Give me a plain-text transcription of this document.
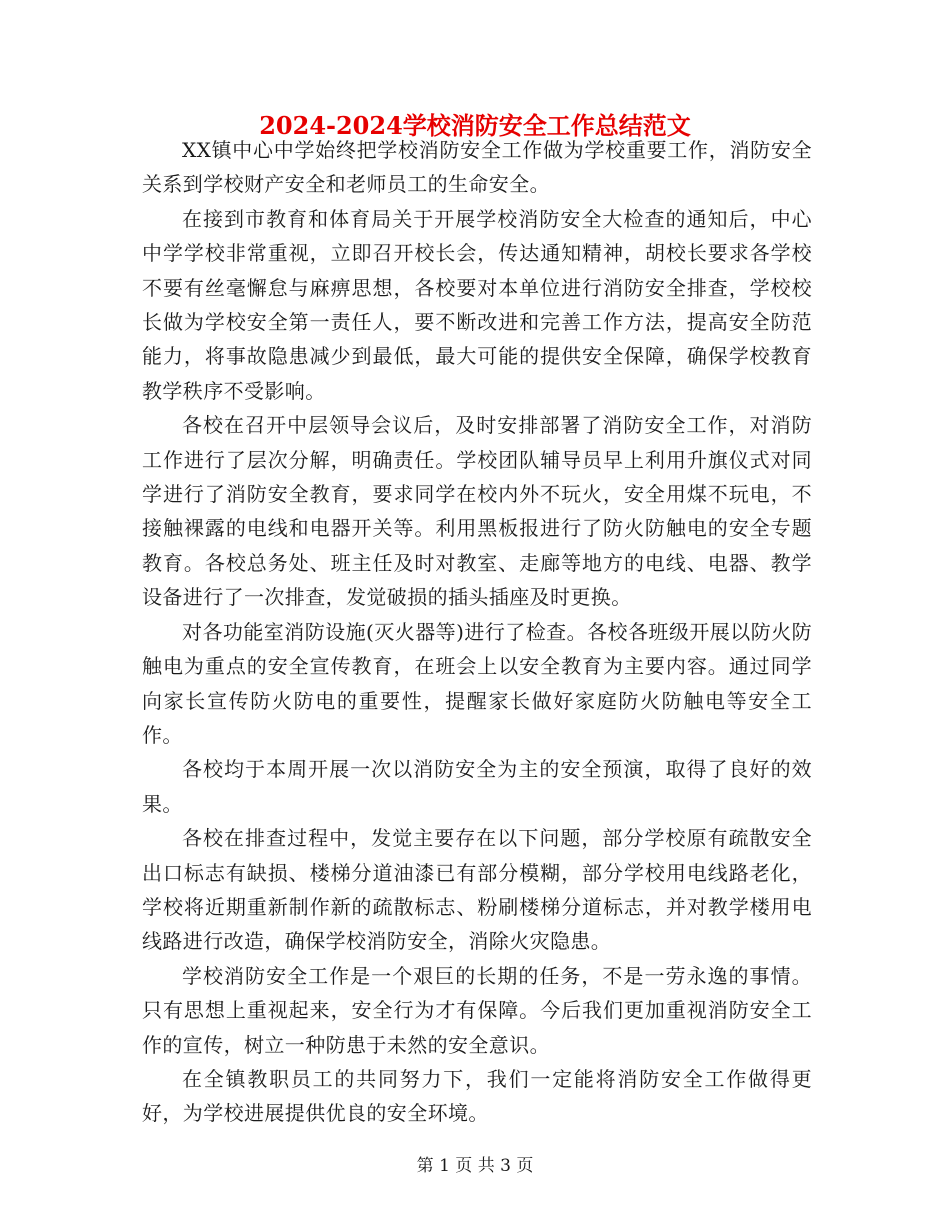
2024-2024学校消防安全工作总结范文

XX镇中心中学始终把学校消防安全工作做为学校重要工作，消防安全关系到学校财产安全和老师员工的生命安全。

在接到市教育和体育局关于开展学校消防安全大检查的通知后，中心中学学校非常重视，立即召开校长会，传达通知精神，胡校长要求各学校不要有丝毫懈怠与麻痹思想，各校要对本单位进行消防安全排查，学校校长做为学校安全第一责任人，要不断改进和完善工作方法，提高安全防范能力，将事故隐患减少到最低，最大可能的提供安全保障，确保学校教育教学秩序不受影响。

各校在召开中层领导会议后，及时安排部署了消防安全工作，对消防工作进行了层次分解，明确责任。学校团队辅导员早上利用升旗仪式对同学进行了消防安全教育，要求同学在校内外不玩火，安全用煤不玩电，不接触裸露的电线和电器开关等。利用黑板报进行了防火防触电的安全专题教育。各校总务处、班主任及时对教室、走廊等地方的电线、电器、教学设备进行了一次排查，发觉破损的插头插座及时更换。

对各功能室消防设施(灭火器等)进行了检查。各校各班级开展以防火防触电为重点的安全宣传教育，在班会上以安全教育为主要内容。通过同学向家长宣传防火防电的重要性，提醒家长做好家庭防火防触电等安全工作。

各校均于本周开展一次以消防安全为主的安全预演，取得了良好的效果。

各校在排查过程中，发觉主要存在以下问题，部分学校原有疏散安全出口标志有缺损、楼梯分道油漆已有部分模糊，部分学校用电线路老化，学校将近期重新制作新的疏散标志、粉刷楼梯分道标志，并对教学楼用电线路进行改造，确保学校消防安全，消除火灾隐患。

学校消防安全工作是一个艰巨的长期的任务，不是一劳永逸的事情。只有思想上重视起来，安全行为才有保障。今后我们更加重视消防安全工作的宣传，树立一种防患于未然的安全意识。

在全镇教职员工的共同努力下，我们一定能将消防安全工作做得更好，为学校进展提供优良的安全环境。

第 1 页 共 3 页
